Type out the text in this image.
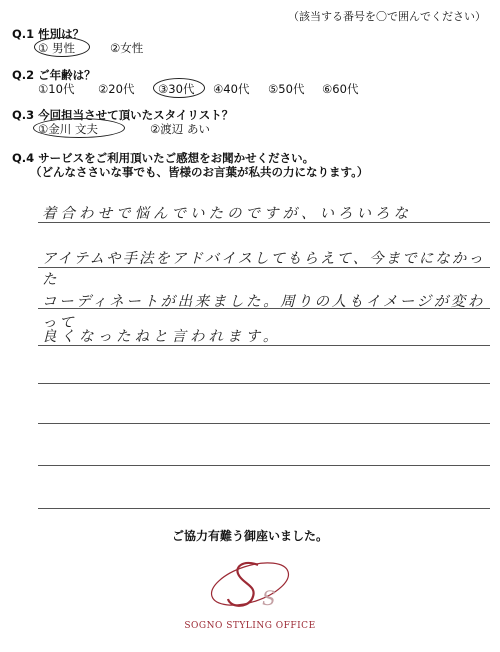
（該当する番号を〇で囲んでください）
Q.1 性別は？
① 男性	②女性
Q.2 ご年齢は？
①10代 ②20代 ③30代 ④40代 ⑤50代 ⑥60代
Q.3 今回担当させて頂いたスタイリスト？
①金川 文夫	②渡辺 あい
Q.4 サービスをご利用頂いたご感想をお聞かせください。
（どんなささいな事でも、皆様のお言葉が私共の力になります。）
着合わせで悩んでいたのですが、いろいろな
アイテムや手法をアドバイスしてもらえて、今までになかった
コーディネートが出来ました。周りの人もイメージが変わって
良くなったねと言われます。
ご協力有難う御座いました。
S
SOGNO STYLING OFFICE
